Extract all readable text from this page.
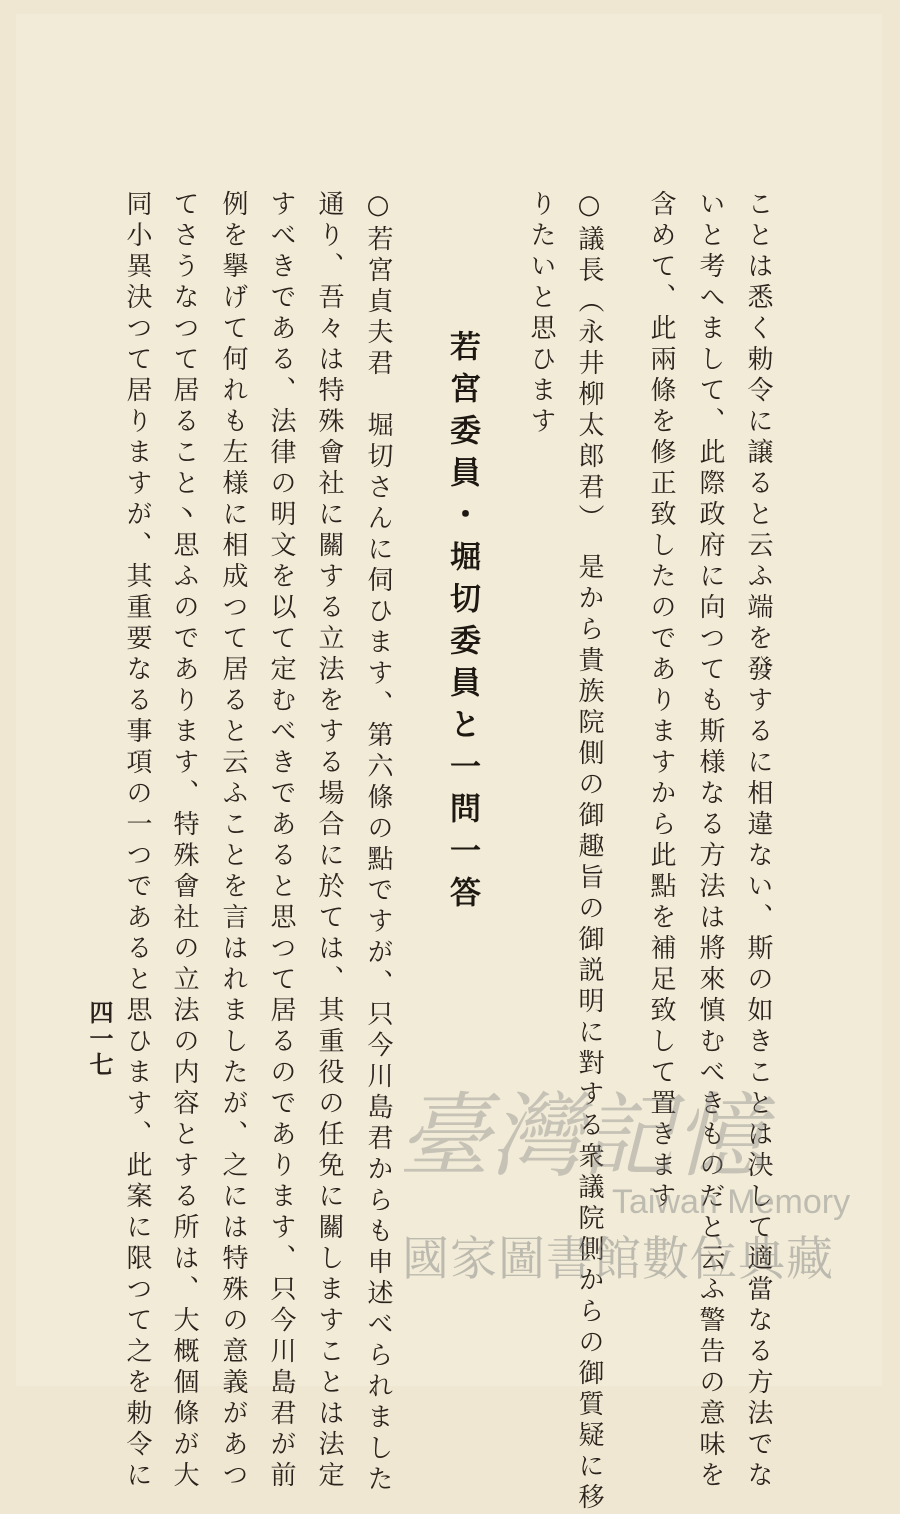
ことは悉く勅令に譲ると云ふ端を發するに相違ない、斯の如きことは決して適當なる方法でな
いと考へまして、此際政府に向つても斯様なる方法は將來慎むべきものだと云ふ警告の意味を
含めて、此兩條を修正致したのでありますから此點を補足致して置きます
○議長（永井柳太郎君）　是から貴族院側の御趣旨の御説明に對する衆議院側からの御質疑に移
りたいと思ひます
若宮委員・堀切委員と一問一答
○若宮貞夫君　堀切さんに伺ひます、第六條の點ですが、只今川島君からも申述べられました
通り、吾々は特殊會社に關する立法をする場合に於ては、其重役の任免に關しますことは法定
すべきである、法律の明文を以て定むべきであると思つて居るのであります、只今川島君が前
例を擧げて何れも左様に相成つて居ると云ふことを言はれましたが、之には特殊の意義があつ
てさうなつて居ること丶思ふのであります、特殊會社の立法の内容とする所は、大概個條が大
同小異決つて居りますが、其重要なる事項の一つであると思ひます、此案に限つて之を勅令に
四一七
臺灣記憶
Taiwan Memory
國家圖書館數位典藏
